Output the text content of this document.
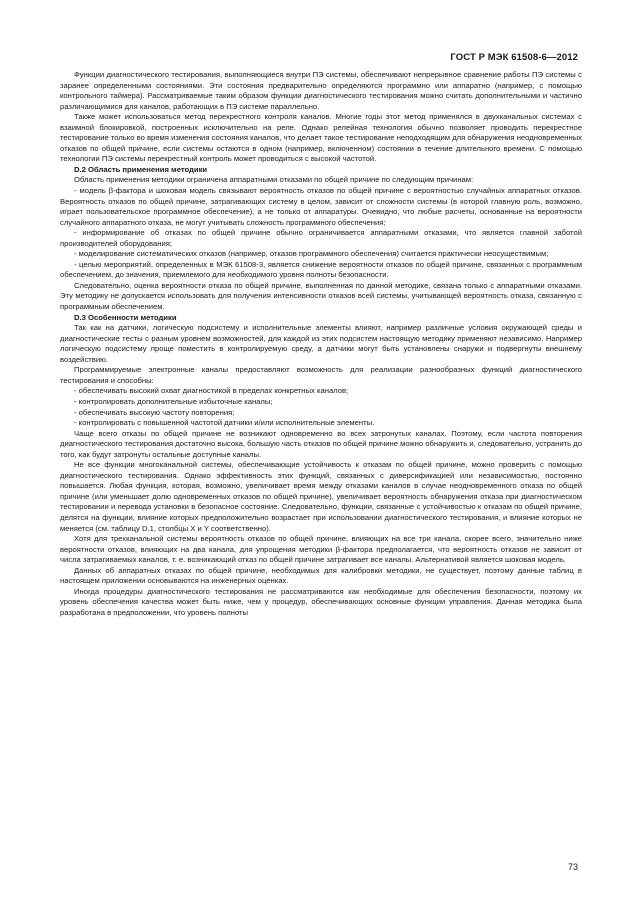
ГОСТ Р МЭК 61508-6—2012

Функции диагностического тестирования, выполняющиеся внутри ПЭ системы, обеспечивают непрерывное сравнение работы ПЭ системы с заранее определенными состояниями. Эти состояния предварительно определяются программно или аппаратно (например, с помощью контрольного таймера). Рассматриваемые таким образом функции диагностического тестирования можно считать дополнительными и частично различающимися для каналов, работающих в ПЭ системе параллельно.

Также может использоваться метод перекрестного контроля каналов. Многие годы этот метод применялся в двухканальных системах с взаимной блокировкой, построенных исключительно на реле. Однако релейная технология обычно позволяет проводить перекрестное тестирование только во время изменения состояния каналов, что делает такое тестирование неподходящим для обнаружения неодновременных отказов по общей причине, если системы остаются в одном (например, включенном) состоянии в течение длительного времени. С помощью технологии ПЭ системы перекрестный контроль может проводиться с высокой частотой.

D.2 Область применения методики

Область применения методики ограничена аппаратными отказами по общей причине по следующим причинам:

- модель β-фактора и шоковая модель связывают вероятность отказов по общей причине с вероятностью случайных аппаратных отказов. Вероятность отказов по общей причине, затрагивающих систему в целом, зависит от сложности системы (в которой главную роль, возможно, играет пользовательское программное обеспечение), а не только от аппаратуры. Очевидно, что любые расчеты, основанные на вероятности случайного аппаратного отказа, не могут учитывать сложность программного обеспечения;

- информирование об отказах по общей причине обычно ограничивается аппаратными отказами, что является главной заботой производителей оборудования;

- моделирование систематических отказов (например, отказов программного обеспечения) считается практически неосуществимым;

- целью мероприятий, определенных в МЭК 61508-3, является снижение вероятности отказов по общей причине, связанных с программным обеспечением, до значения, приемлемого для необходимого уровня полноты безопасности.

Следовательно, оценка вероятности отказа по общей причине, выполненная по данной методике, связана только с аппаратными отказами. Эту методику не допускается использовать для получения интенсивности отказов всей системы, учитывающей вероятность отказа, связанную с программным обеспечением.

D.3 Особенности методики

Так как на датчики, логическую подсистему и исполнительные элементы влияют, например различные условия окружающей среды и диагностические тесты с разным уровнем возможностей, для каждой из этих подсистем настоящую методику применяют независимо. Например логическую подсистему проще поместить в контролируемую среду, а датчики могут быть установлены снаружи и подвергнуты внешнему воздействию.

Программируемые электронные каналы предоставляют возможность для реализации разнообразных функций диагностического тестирования и способны:

- обеспечивать высокий охват диагностикой в пределах конкретных каналов;

- контролировать дополнительные избыточные каналы;

- обеспечивать высокую частоту повторения;

- контролировать с повышенной частотой датчики и/или исполнительные элементы.

Чаще всего отказы по общей причине не возникают одновременно во всех затронутых каналах. Поэтому, если частота повторения диагностического тестирования достаточно высока, большую часть отказов по общей причине можно обнаружить и, следовательно, устранить до того, как будут затронуты остальные доступные каналы.

Не все функции многоканальной системы, обеспечивающие устойчивость к отказам по общей причине, можно проверить с помощью диагностического тестирования. Однако эффективность этих функций, связанных с диверсификацией или независимостью, постоянно повышается. Любая функция, которая, возможно, увеличивает время между отказами каналов в случае неодновременного отказа по общей причине (или уменьшает долю одновременных отказов по общей причине), увеличивает вероятность обнаружения отказа при диагностическом тестировании и перевода установки в безопасное состояние. Следовательно, функции, связанные с устойчивостью к отказам по общей причине, делятся на функции, влияние которых предположительно возрастает при использовании диагностического тестирования, и влияние которых не меняется (см. таблицу D.1, столбцы X и Y соответственно).

Хотя для трехканальной системы вероятность отказов по общей причине, влияющих на все три канала, скорее всего, значительно ниже вероятности отказов, влияющих на два канала, для упрощения методики β-фактора предполагается, что вероятность отказов не зависит от числа затрагиваемых каналов, т. е. возникающий отказ по общей причине затрагивает все каналы. Альтернативой является шоковая модель.

Данных об аппаратных отказах по общей причине, необходимых для калибровки методики, не существует, поэтому данные таблиц в настоящем приложении основываются на инженерных оценках.

Иногда процедуры диагностического тестирования не рассматриваются как необходимые для обеспечения безопасности, поэтому их уровень обеспечения качества может быть ниже, чем у процедур, обеспечивающих основные функции управления. Данная методика была разработана в предположении, что уровень полноты

73
